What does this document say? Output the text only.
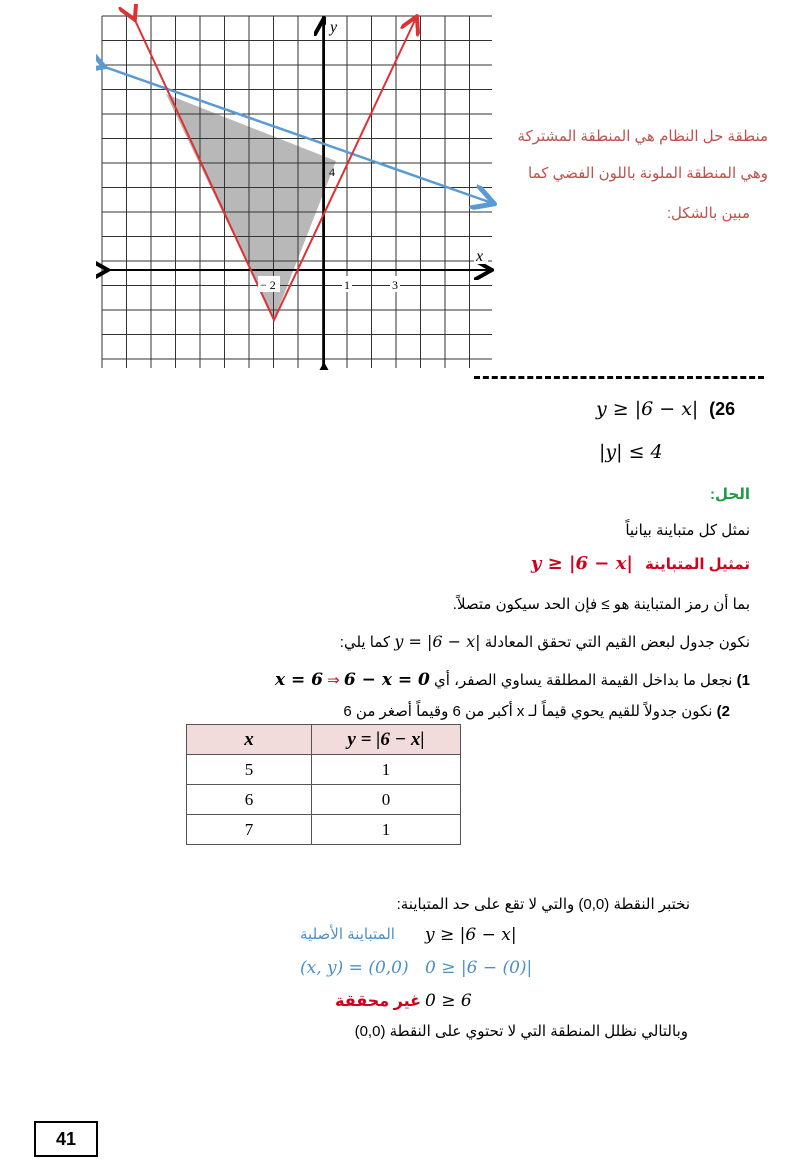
y
x
− 2	1	3
4
منطقة حل النظام هي المنطقة المشتركة
وهي المنطقة الملونة باللون الفضي كما
مبين بالشكل:
y ≥ |6 − x| (26
|y| ≤ 4
الحل:
نمثل كل متباينة بيانياً
تمثيل المتباينة   y ≥ |6 − x|
بما أن رمز المتباينة هو ≥ فإن الحد سيكون متصلاً.
نكون جدول لبعض القيم التي تحقق المعادلة y = |6 − x| كما يلي:
1) نجعل ما بداخل القيمة المطلقة يساوي الصفر، أي x = 6 ⇒ 6 − x = 0
2) نكون جدولاً للقيم يحوي قيماً لـ x أكبر من 6 وقيماً أصغر من 6
x	y = |6 − x|
5	1
6	0
7	1
نختبر النقطة (0,0) والتي لا تقع على حد المتباينة:
y ≥ |6 − x|
المتباينة الأصلية
0 ≥ |6 − (0)|
(x, y) = (0,0)
0 ≥ 6
غير محققة
وبالتالي نظلل المنطقة التي لا تحتوي على النقطة (0,0)
41
